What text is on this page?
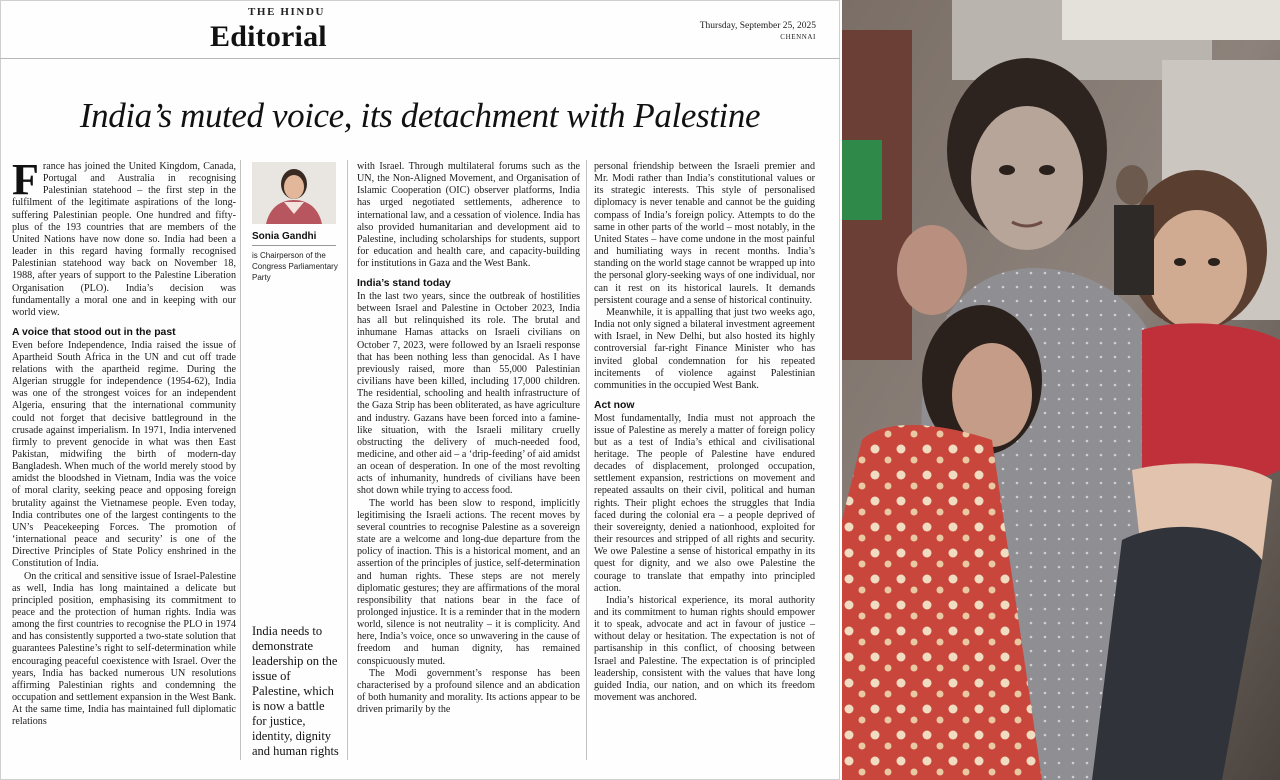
THE HINDU
Editorial	Thursday, September 25, 2025
CHENNAI
India’s muted voice, its detachment with Palestine

France has joined the United Kingdom, Canada, Portugal and Australia in recognising Palestinian statehood – the first step in the fulfilment of the legitimate aspirations of the long-suffering Palestinian people. One hundred and fifty-plus of the 193 countries that are members of the United Nations have now done so. India had been a leader in this regard having formally recognised Palestinian statehood way back on November 18, 1988, after years of support to the Palestine Liberation Organisation (PLO). India’s decision was fundamentally a moral one and in keeping with our world view.

A voice that stood out in the past

Even before Independence, India raised the issue of Apartheid South Africa in the UN and cut off trade relations with the apartheid regime. During the Algerian struggle for independence (1954-62), India was one of the strongest voices for an independent Algeria, ensuring that the international community could not forget that decisive battleground in the crusade against imperialism. In 1971, India intervened firmly to prevent genocide in what was then East Pakistan, midwifing the birth of modern-day Bangladesh. When much of the world merely stood by amidst the bloodshed in Vietnam, India was the voice of moral clarity, seeking peace and opposing foreign brutality against the Vietnamese people. Even today, India contributes one of the largest contingents to the UN’s Peacekeeping Forces. The promotion of ‘international peace and security’ is one of the Directive Principles of State Policy enshrined in the Constitution of India.

On the critical and sensitive issue of Israel-Palestine as well, India has long maintained a delicate but principled position, emphasising its commitment to peace and the protection of human rights. India was among the first countries to recognise the PLO in 1974 and has consistently supported a two-state solution that guarantees Palestine’s right to self-determination while encouraging peaceful coexistence with Israel. Over the years, India has backed numerous UN resolutions affirming Palestinian rights and condemning the occupation and settlement expansion in the West Bank. At the same time, India has maintained full diplomatic relations

Sonia Gandhi
is Chairperson of the Congress Parliamentary Party
India needs to demonstrate leadership on the issue of Palestine, which is now a battle for justice, identity, dignity and human rights

with Israel. Through multilateral forums such as the UN, the Non-Aligned Movement, and Organisation of Islamic Cooperation (OIC) observer platforms, India has urged negotiated settlements, adherence to international law, and a cessation of violence. India has also provided humanitarian and development aid to Palestine, including scholarships for students, support for education and health care, and capacity-building for institutions in Gaza and the West Bank.

India’s stand today

In the last two years, since the outbreak of hostilities between Israel and Palestine in October 2023, India has all but relinquished its role. The brutal and inhumane Hamas attacks on Israeli civilians on October 7, 2023, were followed by an Israeli response that has been nothing less than genocidal. As I have previously raised, more than 55,000 Palestinian civilians have been killed, including 17,000 children. The residential, schooling and health infrastructure of the Gaza Strip has been obliterated, as have agriculture and industry. Gazans have been forced into a famine-like situation, with the Israeli military cruelly obstructing the delivery of much-needed food, medicine, and other aid – a ‘drip-feeding’ of aid amidst an ocean of desperation. In one of the most revolting acts of inhumanity, hundreds of civilians have been shot down while trying to access food.

The world has been slow to respond, implicitly legitimising the Israeli actions. The recent moves by several countries to recognise Palestine as a sovereign state are a welcome and long-due departure from the policy of inaction. This is a historical moment, and an assertion of the principles of justice, self-determination and human rights. These steps are not merely diplomatic gestures; they are affirmations of the moral responsibility that nations bear in the face of prolonged injustice. It is a reminder that in the modern world, silence is not neutrality – it is complicity. And here, India’s voice, once so unwavering in the cause of freedom and human dignity, has remained conspicuously muted.

The Modi government’s response has been characterised by a profound silence and an abdication of both humanity and morality. Its actions appear to be driven primarily by the

personal friendship between the Israeli premier and Mr. Modi rather than India’s constitutional values or its strategic interests. This style of personalised diplomacy is never tenable and cannot be the guiding compass of India’s foreign policy. Attempts to do the same in other parts of the world – most notably, in the United States – have come undone in the most painful and humiliating ways in recent months. India’s standing on the world stage cannot be wrapped up into the personal glory-seeking ways of one individual, nor can it rest on its historical laurels. It demands persistent courage and a sense of historical continuity.

Meanwhile, it is appalling that just two weeks ago, India not only signed a bilateral investment agreement with Israel, in New Delhi, but also hosted its highly controversial far-right Finance Minister who has invited global condemnation for his repeated incitements of violence against Palestinian communities in the occupied West Bank.

Act now

Most fundamentally, India must not approach the issue of Palestine as merely a matter of foreign policy but as a test of India’s ethical and civilisational heritage. The people of Palestine have endured decades of displacement, prolonged occupation, settlement expansion, restrictions on movement and repeated assaults on their civil, political and human rights. Their plight echoes the struggles that India faced during the colonial era – a people deprived of their sovereignty, denied a nationhood, exploited for their resources and stripped of all rights and security. We owe Palestine a sense of historical empathy in its quest for dignity, and we also owe Palestine the courage to translate that empathy into principled action.

India’s historical experience, its moral authority and its commitment to human rights should empower it to speak, advocate and act in favour of justice – without delay or hesitation. The expectation is not of partisanship in this conflict, of choosing between Israel and Palestine. The expectation is of principled leadership, consistent with the values that have long guided India, our nation, and on which its freedom movement was anchored.
